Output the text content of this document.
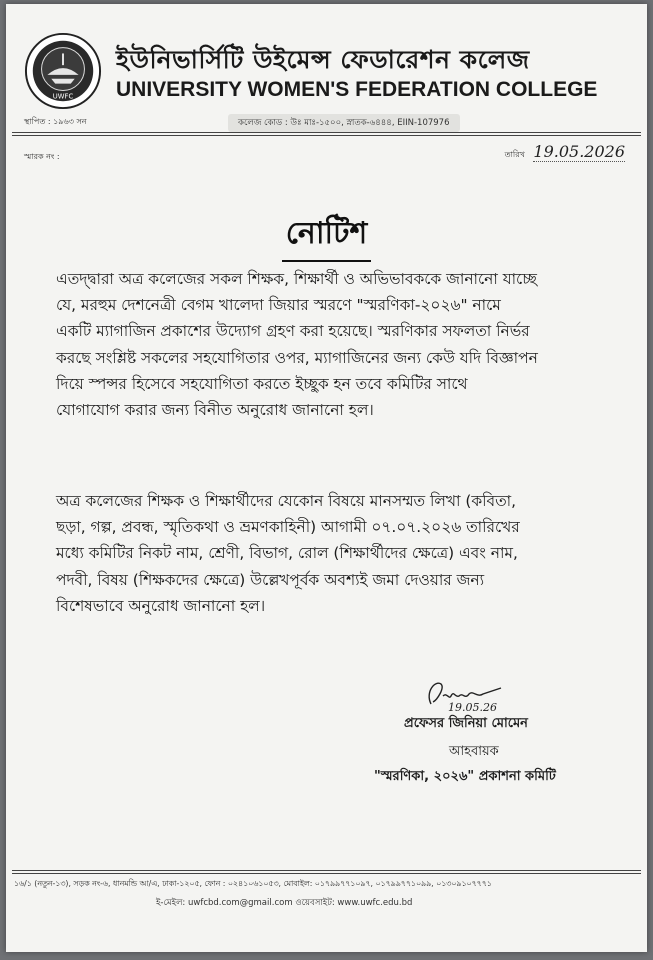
UWFC
ইউনিভার্সিটি উইমেন্স ফেডারেশন কলেজ
UNIVERSITY WOMEN'S FEDERATION COLLEGE
স্থাপিত : ১৯৬৩ সন	কলেজ কোড : উঃ মাঃ-১৫০০, স্নাতক-৬৪৪৪, EIIN-107976
স্মারক নং :	তারিখ 19.05.2026
নোটিশ
এতদ্দ্বারা অত্র কলেজের সকল শিক্ষক, শিক্ষার্থী ও অভিভাবককে জানানো যাচ্ছে
যে, মরহুম দেশনেত্রী বেগম খালেদা জিয়ার স্মরণে "স্মরণিকা-২০২৬" নামে
একটি ম্যাগাজিন প্রকাশের উদ্যোগ গ্রহণ করা হয়েছে। স্মরণিকার সফলতা নির্ভর
করছে সংশ্লিষ্ট সকলের সহযোগিতার ওপর, ম্যাগাজিনের জন্য কেউ যদি বিজ্ঞাপন
দিয়ে স্পন্সর হিসেবে সহযোগিতা করতে ইচ্ছুক হন তবে কমিটির সাথে
যোগাযোগ করার জন্য বিনীত অনুরোধ জানানো হল।
অত্র কলেজের শিক্ষক ও শিক্ষার্থীদের যেকোন বিষয়ে মানসম্মত লিখা (কবিতা,
ছড়া, গল্প, প্রবন্ধ, স্মৃতিকথা ও ভ্রমণকাহিনী) আগামী ০৭.০৭.২০২৬ তারিখের
মধ্যে কমিটির নিকট নাম, শ্রেণী, বিভাগ, রোল (শিক্ষার্থীদের ক্ষেত্রে) এবং নাম,
পদবী, বিষয় (শিক্ষকদের ক্ষেত্রে) উল্লেখপূর্বক অবশ্যই জমা দেওয়ার জন্য
বিশেষভাবে অনুরোধ জানানো হল।
19.05.26
প্রফেসর জিনিয়া মোমেন
আহবায়ক
"স্মরণিকা, ২০২৬" প্রকাশনা কমিটি
১৬/১ (নতুন-১৩), সড়ক নং-৬, ধানমন্ডি আ/এ, ঢাকা-১২০৫, ফোন : ০২৪১০৬১০৫৩, মোবাইল: ০১৭৯৯৭৭১০৯৭, ০১৭৯৯৭৭১০৯৯, ০১৩০৯১০৭৭৭১
ই-মেইল: uwfcbd.com@gmail.com ওয়েবসাইট: www.uwfc.edu.bd
